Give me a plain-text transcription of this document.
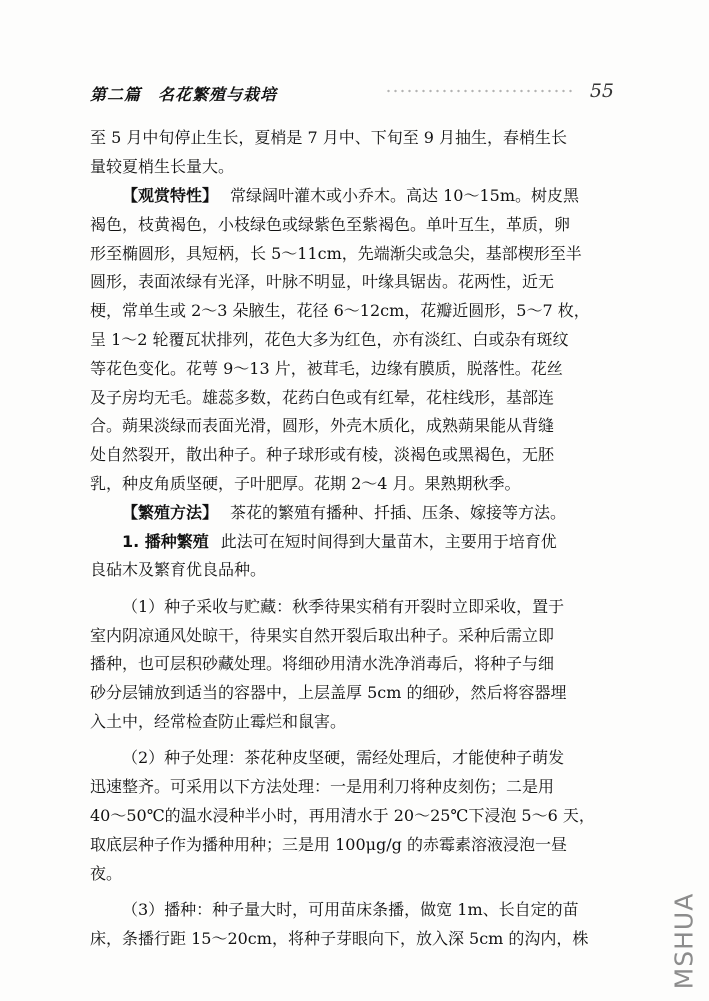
第二篇　名花繁殖与栽培	55
至 5 月中旬停止生长，夏梢是 7 月中、下旬至 9 月抽生，春梢生长
量较夏梢生长量大。
【观赏特性】 常绿阔叶灌木或小乔木。高达 10～15m。树皮黑
褐色，枝黄褐色，小枝绿色或绿紫色至紫褐色。单叶互生，革质，卵
形至椭圆形，具短柄，长 5～11cm，先端渐尖或急尖，基部楔形至半
圆形，表面浓绿有光泽，叶脉不明显，叶缘具锯齿。花两性，近无
梗，常单生或 2～3 朵腋生，花径 6～12cm，花瓣近圆形，5～7 枚，
呈 1～2 轮覆瓦状排列，花色大多为红色，亦有淡红、白或杂有斑纹
等花色变化。花萼 9～13 片，被茸毛，边缘有膜质，脱落性。花丝
及子房均无毛。雄蕊多数，花药白色或有红晕，花柱线形，基部连
合。蒴果淡绿而表面光滑，圆形，外壳木质化，成熟蒴果能从背缝
处自然裂开，散出种子。种子球形或有棱，淡褐色或黑褐色，无胚
乳，种皮角质坚硬，子叶肥厚。花期 2～4 月。果熟期秋季。
【繁殖方法】 茶花的繁殖有播种、扦插、压条、嫁接等方法。
1. 播种繁殖 此法可在短时间得到大量苗木，主要用于培育优
良砧木及繁育优良品种。
（1）种子采收与贮藏：秋季待果实稍有开裂时立即采收，置于
室内阴凉通风处晾干，待果实自然开裂后取出种子。采种后需立即
播种，也可层积砂藏处理。将细砂用清水洗净消毒后，将种子与细
砂分层铺放到适当的容器中，上层盖厚 5cm 的细砂，然后将容器埋
入土中，经常检查防止霉烂和鼠害。
（2）种子处理：茶花种皮坚硬，需经处理后，才能使种子萌发
迅速整齐。可采用以下方法处理：一是用利刀将种皮刻伤；二是用
40～50℃的温水浸种半小时，再用清水于 20～25℃下浸泡 5～6 天，
取底层种子作为播种用种；三是用 100μg/g 的赤霉素溶液浸泡一昼
夜。
（3）播种：种子量大时，可用苗床条播，做宽 1m、长自定的苗
床，条播行距 15～20cm，将种子芽眼向下，放入深 5cm 的沟内，株	MSHUA
